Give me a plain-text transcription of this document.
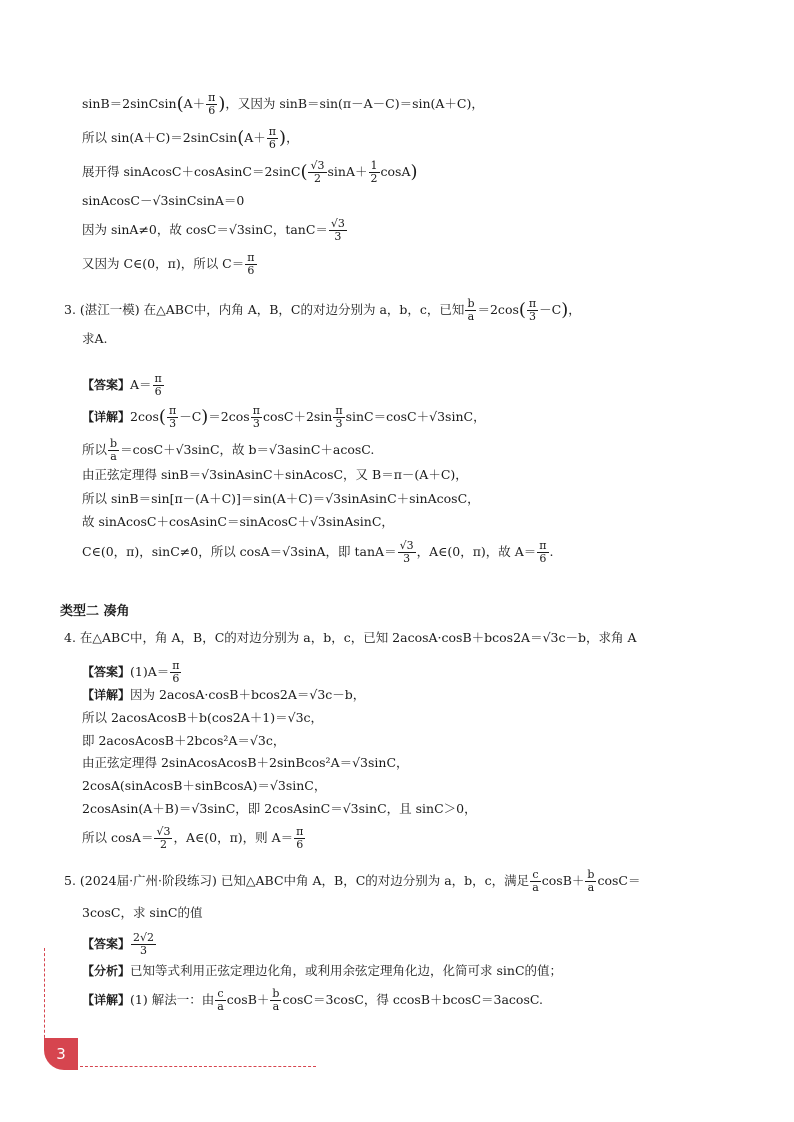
sinB＝2sinCsin(A＋ $\frac{\pi}{6}$ )，又因为 sinB＝sin(π－A－C)＝sin(A＋C)，
所以 sin(A＋C)＝2sinCsin(A＋ $\frac{\pi}{6}$ )，
展开得 sinAcosC＋cosAsinC＝2sinC( $\frac{√3}{2} \sin A+ \frac{1}{2} \cos A$)
sinAcosC－√3sinCsinA＝0
因为 sinA≠0，故 cosC＝√3sinC，$\tan C= \frac{√3}{3}$
又因为 C∈(0，π)，所以 $C= \frac{\pi}{6}$
3. (湛江一模) 在△ABC中，内角 A，B，C的对边分别为 a，b，c，已知 $\frac{b}{a} =2\cos( \frac{\pi}{3} -C)$，
求A.
【答案】$A= \frac{\pi}{6}$
【详解】$2\cos( \frac{\pi}{3} -C)=2\cos \frac{\pi}{3} \cos C+2\sin \frac{\pi}{3} \sin C=\cos C+√3\sin C$，
所以 $\frac{b}{a} =\cos C+√3\sin C$，故 b＝√3asinC＋acosC.
由正弦定理得 sinB＝√3sinAsinC＋sinAcosC，又 B＝π－(A＋C)，
所以 sinB＝sin[π－(A＋C)]＝sin(A＋C)＝√3sinAsinC＋sinAcosC，
故 sinAcosC＋cosAsinC＝sinAcosC＋√3sinAsinC，
C∈(0，π)，sinC≠0，所以 cosA＝√3sinA，即 $\tan A= \frac{√3}{3}$ ，A∈(0，π)，故 $A= \frac{\pi}{6}$ .
类型二 凑角
4. 在△ABC中，角 A，B，C的对边分别为 a，b，c，已知 2acosA·cosB＋bcos2A＝√3c－b，求角 A
【答案】$(1)A= \frac{\pi}{6}$
【详解】因为 2acosA·cosB＋bcos2A＝√3c－b，
所以 2acosAcosB＋b(cos2A＋1)＝√3c，
即 2acosAcosB＋2bcos²A＝√3c，
由正弦定理得 2sinAcosAcosB＋2sinBcos²A＝√3sinC，
2cosA(sinAcosB＋sinBcosA)＝√3sinC，
2cosAsin(A＋B)＝√3sinC，即 2cosAsinC＝√3sinC，且 sinC＞0，
所以 $\cos A= \frac{√3}{2}$ ，A∈(0，π)，则 $A= \frac{\pi}{6}$
5. (2024届·广州·阶段练习) 已知△ABC中角 A，B，C的对边分别为 a，b，c，满足 $\frac{c}{a} \cos B+ \frac{b}{a} \cos C=$
3cosC，求 sinC的值
【答案】 $\frac{2√2}{3}$
【分析】已知等式利用正弦定理边化角，或利用余弦定理角化边，化简可求 sinC的值；
【详解】(1) 解法一：由 $\frac{c}{a} \cos B+ \frac{b}{a} \cos C=3\cos C$，得 ccosB＋bcosC＝3acosC.
3
